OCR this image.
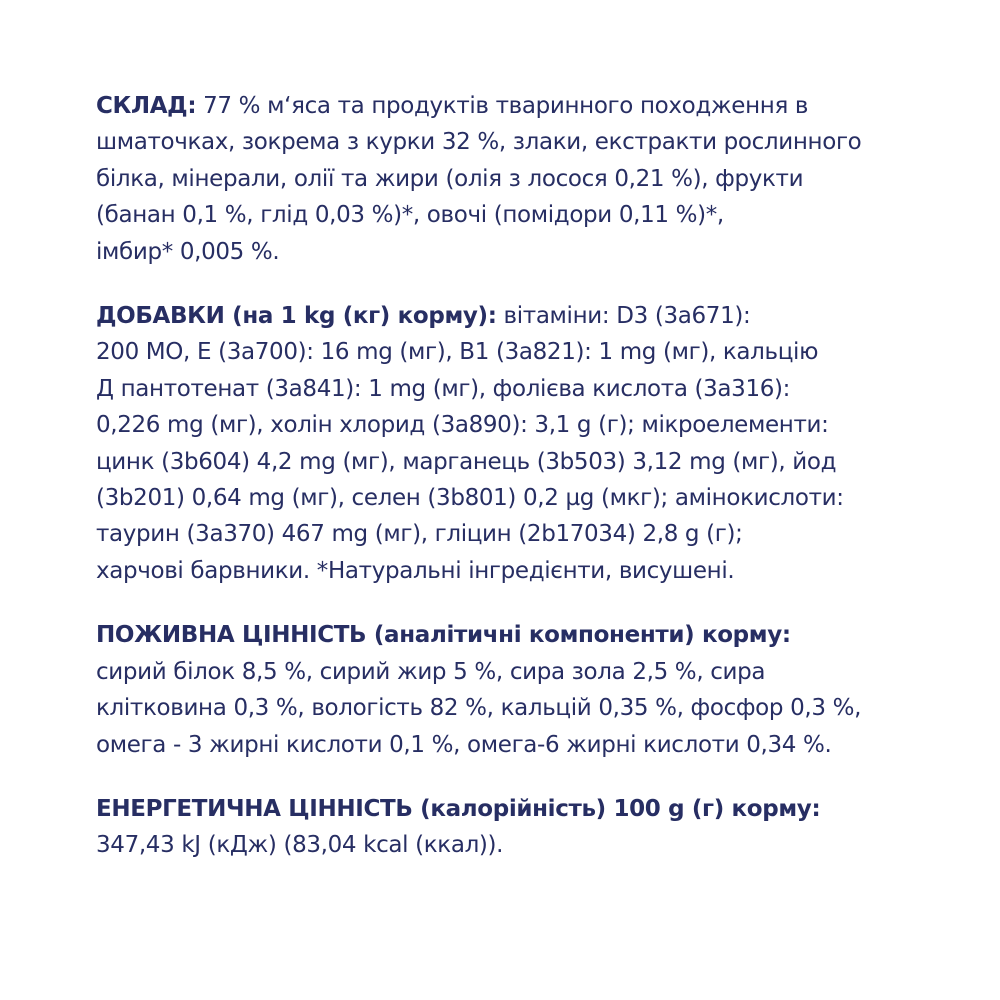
СКЛАД: 77 % м‘яса та продуктів тваринного походження в
шматочках, зокрема з курки 32 %, злаки, екстракти рослинного
білка, мінерали, олії та жири (олія з лосося 0,21 %), фрукти
(банан 0,1 %, глід 0,03 %)*, овочі (помідори 0,11 %)*,
імбир* 0,005 %.
ДОБАВКИ (на 1 kg (кг) корму): вітаміни: D3 (3a671):
200 МО, Е (3a700): 16 mg (мг), В1 (3a821): 1 mg (мг), кальцію
Д пантотенат (3a841): 1 mg (мг), фолієва кислота (3a316):
0,226 mg (мг), холін хлорид (3a890): 3,1 g (г); мікроелементи:
цинк (3b604) 4,2 mg (мг), марганець (3b503) 3,12 mg (мг), йод
(3b201) 0,64 mg (мг), селен (3b801) 0,2 µg (мкг); амінокислоти:
таурин (3a370) 467 mg (мг), гліцин (2b17034) 2,8 g (г);
харчові барвники. *Натуральні інгредієнти, висушені.
ПОЖИВНА ЦІННІСТЬ (аналітичні компоненти) корму:
сирий білок 8,5 %, сирий жир 5 %, сира зола 2,5 %, сира
клітковина 0,3 %, вологість 82 %, кальцій 0,35 %, фосфор 0,3 %,
омега - 3 жирні кислоти 0,1 %, омега-6 жирні кислоти 0,34 %.
ЕНЕРГЕТИЧНА ЦІННІСТЬ (калорійність) 100 g (г) корму:
347,43 kJ (кДж) (83,04 kcal (ккал)).
